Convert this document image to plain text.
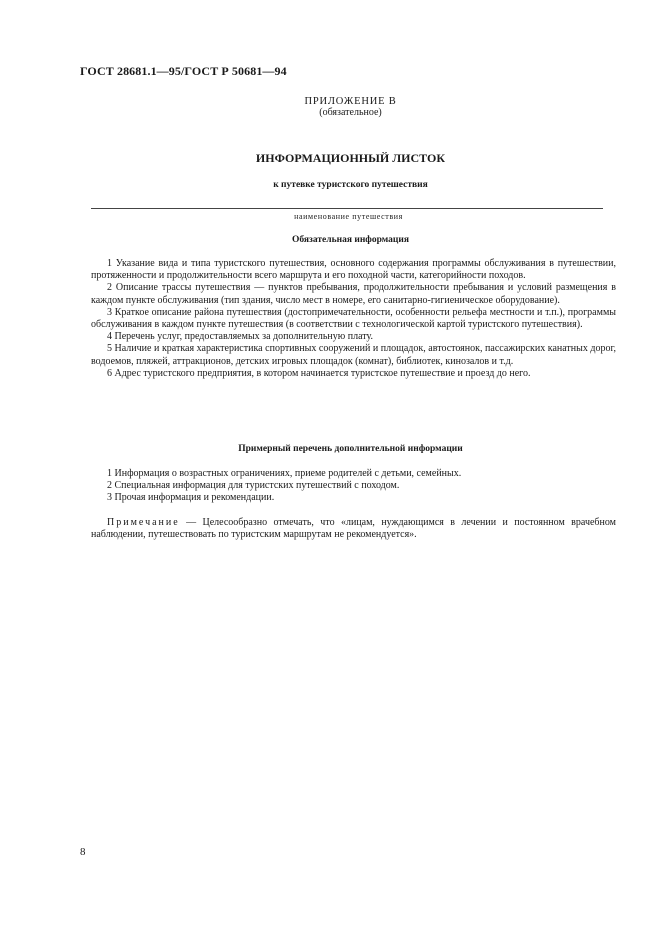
ГОСТ 28681.1—95/ГОСТ Р 50681—94
ПРИЛОЖЕНИЕ В
(обязательное)
ИНФОРМАЦИОННЫЙ ЛИСТОК
к путевке туристского путешествия
наименование путешествия
Обязательная информация

1 Указание вида и типа туристского путешествия, основного содержания программы обслуживания в путешествии, протяженности и продолжительности всего маршрута и его походной части, категорийности походов.

2 Описание трассы путешествия — пунктов пребывания, продолжительности пребывания и условий размещения в каждом пункте обслуживания (тип здания, число мест в номере, его санитарно-гигиеническое оборудование).

3 Краткое описание района путешествия (достопримечательности, особенности рельефа местности и т.п.), программы обслуживания в каждом пункте путешествия (в соответствии с технологической картой туристского путешествия).

4 Перечень услуг, предоставляемых за дополнительную плату.

5 Наличие и краткая характеристика спортивных сооружений и площадок, автостоянок, пассажирских канатных дорог, водоемов, пляжей, аттракционов, детских игровых площадок (комнат), библиотек, кинозалов и т.д.

6 Адрес туристского предприятия, в котором начинается туристское путешествие и проезд до него.

Примерный перечень дополнительной информации

1 Информация о возрастных ограничениях, приеме родителей с детьми, семейных.

2 Специальная информация для туристских путешествий с походом.

3 Прочая информация и рекомендации.

Примечание — Целесообразно отмечать, что «лицам, нуждающимся в лечении и постоянном врачебном наблюдении, путешествовать по туристским маршрутам не рекомендуется».
8
